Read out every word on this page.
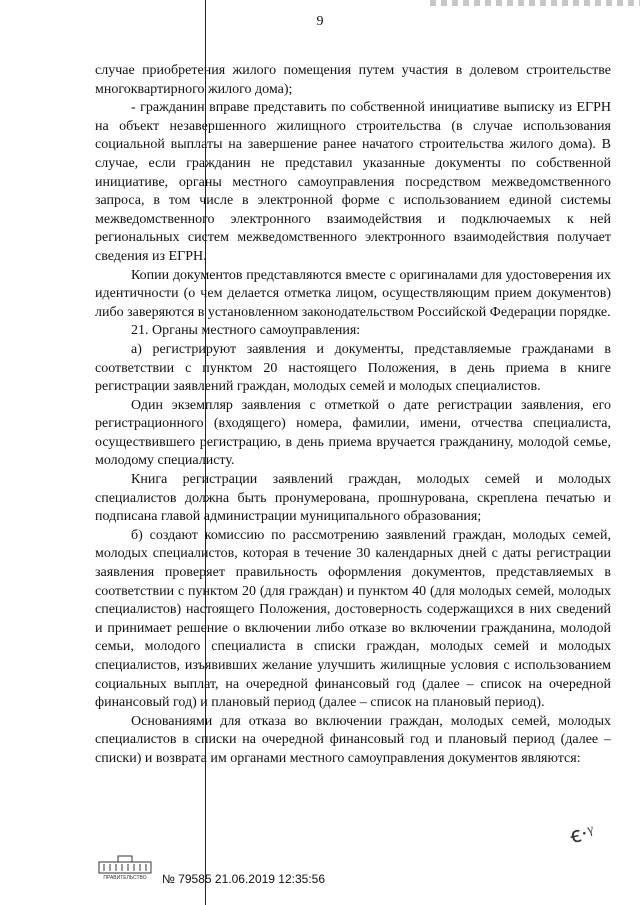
9

случае приобретения жилого помещения путем участия в долевом строительстве многоквартирного жилого дома);

- гражданин вправе представить по собственной инициативе выписку из ЕГРН на объект незавершенного жилищного строительства (в случае использования социальной выплаты на завершение ранее начатого строительства жилого дома). В случае, если гражданин не представил указанные документы по собственной инициативе, органы местного самоуправления посредством межведомственного запроса, в том числе в электронной форме с использованием единой системы межведомственного электронного взаимодействия и подключаемых к ней региональных систем межведомственного электронного взаимодействия получает сведения из ЕГРН.

Копии документов представляются вместе с оригиналами для удостоверения их идентичности (о чем делается отметка лицом, осуществляющим прием документов) либо заверяются в установленном законодательством Российской Федерации порядке.

21. Органы местного самоуправления:

а) регистрируют заявления и документы, представляемые гражданами в соответствии с пунктом 20 настоящего Положения, в день приема в книге регистрации заявлений граждан, молодых семей и молодых специалистов.

Один экземпляр заявления с отметкой о дате регистрации заявления, его регистрационного (входящего) номера, фамилии, имени, отчества специалиста, осуществившего регистрацию, в день приема вручается гражданину, молодой семье, молодому специалисту.

Книга регистрации заявлений граждан, молодых семей и молодых специалистов должна быть пронумерована, прошнурована, скреплена печатью и подписана главой администрации муниципального образования;

б) создают комиссию по рассмотрению заявлений граждан, молодых семей, молодых специалистов, которая в течение 30 календарных дней с даты регистрации заявления проверяет правильность оформления документов, представляемых в соответствии с пунктом 20 (для граждан) и пунктом 40 (для молодых семей, молодых специалистов) настоящего Положения, достоверность содержащихся в них сведений и принимает решение о включении либо отказе во включении гражданина, молодой семьи, молодого специалиста в списки граждан, молодых семей и молодых специалистов, изъявивших желание улучшить жилищные условия с использованием социальных выплат, на очередной финансовый год (далее – список на очередной финансовый год) и плановый период (далее – список на плановый период).

Основаниями для отказа во включении граждан, молодых семей, молодых специалистов в списки на очередной финансовый год и плановый период (далее – списки) и возврата им органами местного самоуправления документов являются:

ꞓ·ᵞ
ПРАВИТЕЛЬСТВО № 79585 21.06.2019 12:35:56
